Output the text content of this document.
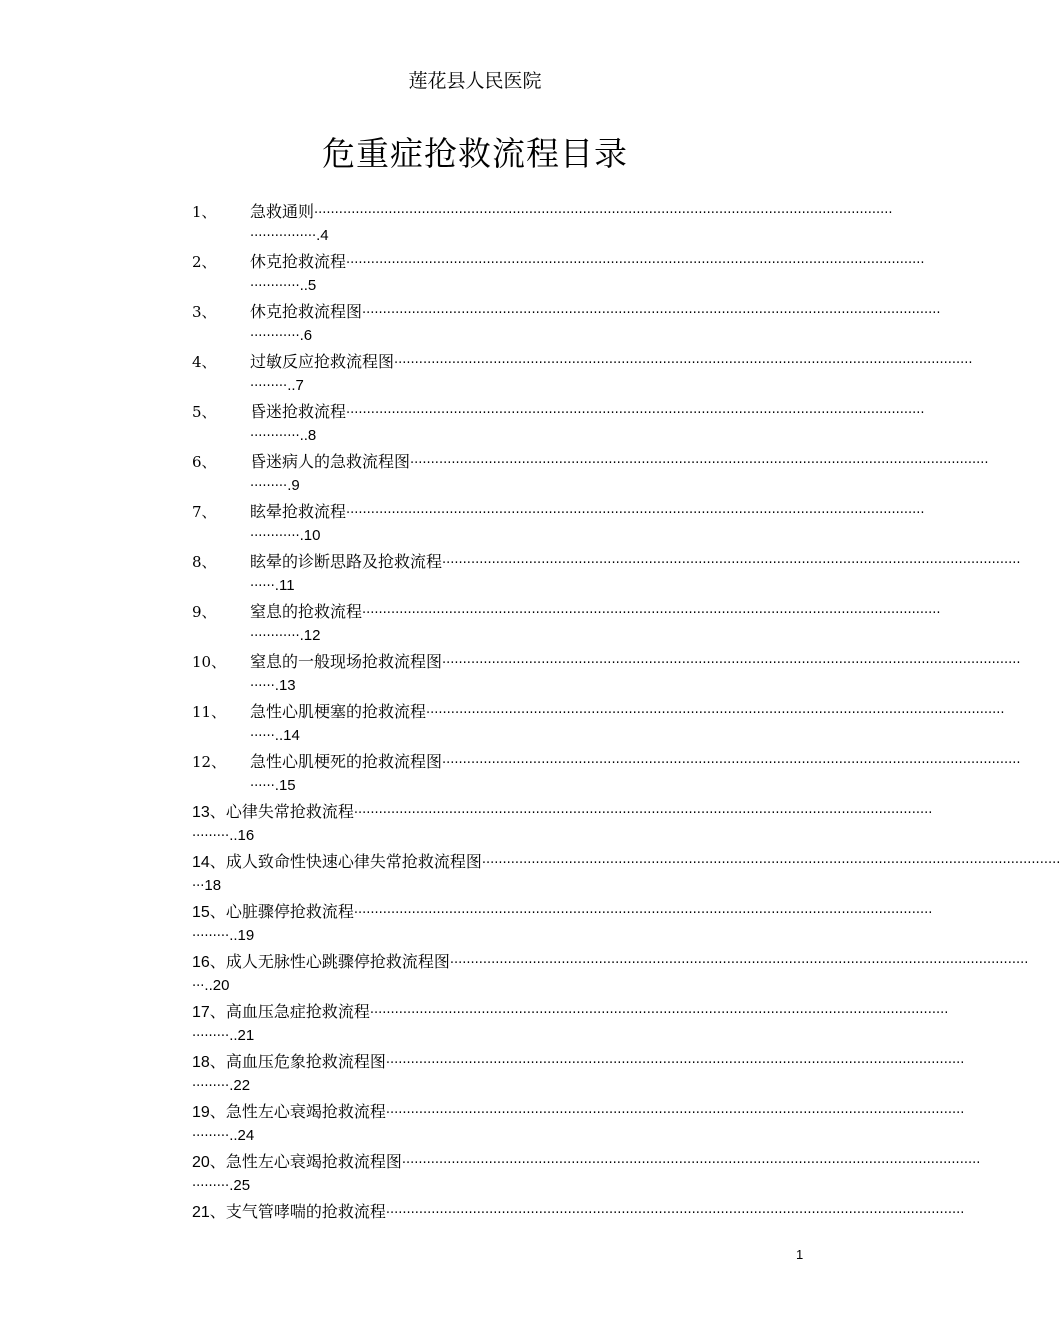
莲花县人民医院
危重症抢救流程目录
1、 急救通则············································································································································
················.4
2、 休克抢救流程············································································································································
············..5
3、 休克抢救流程图············································································································································
············.6
4、 过敏反应抢救流程图············································································································································
·········..7
5、 昏迷抢救流程············································································································································
············..8
6、 昏迷病人的急救流程图············································································································································
·········.9
7、 眩晕抢救流程············································································································································
············.10
8、 眩晕的诊断思路及抢救流程············································································································································
······.11
9、 窒息的抢救流程············································································································································
············.12
10、 窒息的一般现场抢救流程图············································································································································
······.13
11、 急性心肌梗塞的抢救流程············································································································································
······..14
12、 急性心肌梗死的抢救流程图············································································································································
······.15
13、心律失常抢救流程············································································································································
·········..16
14、成人致命性快速心律失常抢救流程图············································································································································
···18
15、心脏骤停抢救流程············································································································································
·········..19
16、成人无脉性心跳骤停抢救流程图············································································································································
···..20
17、高血压急症抢救流程············································································································································
·········..21
18、高血压危象抢救流程图············································································································································
·········.22
19、急性左心衰竭抢救流程············································································································································
·········..24
20、急性左心衰竭抢救流程图············································································································································
·········.25
21、支气管哮喘的抢救流程············································································································································
1
